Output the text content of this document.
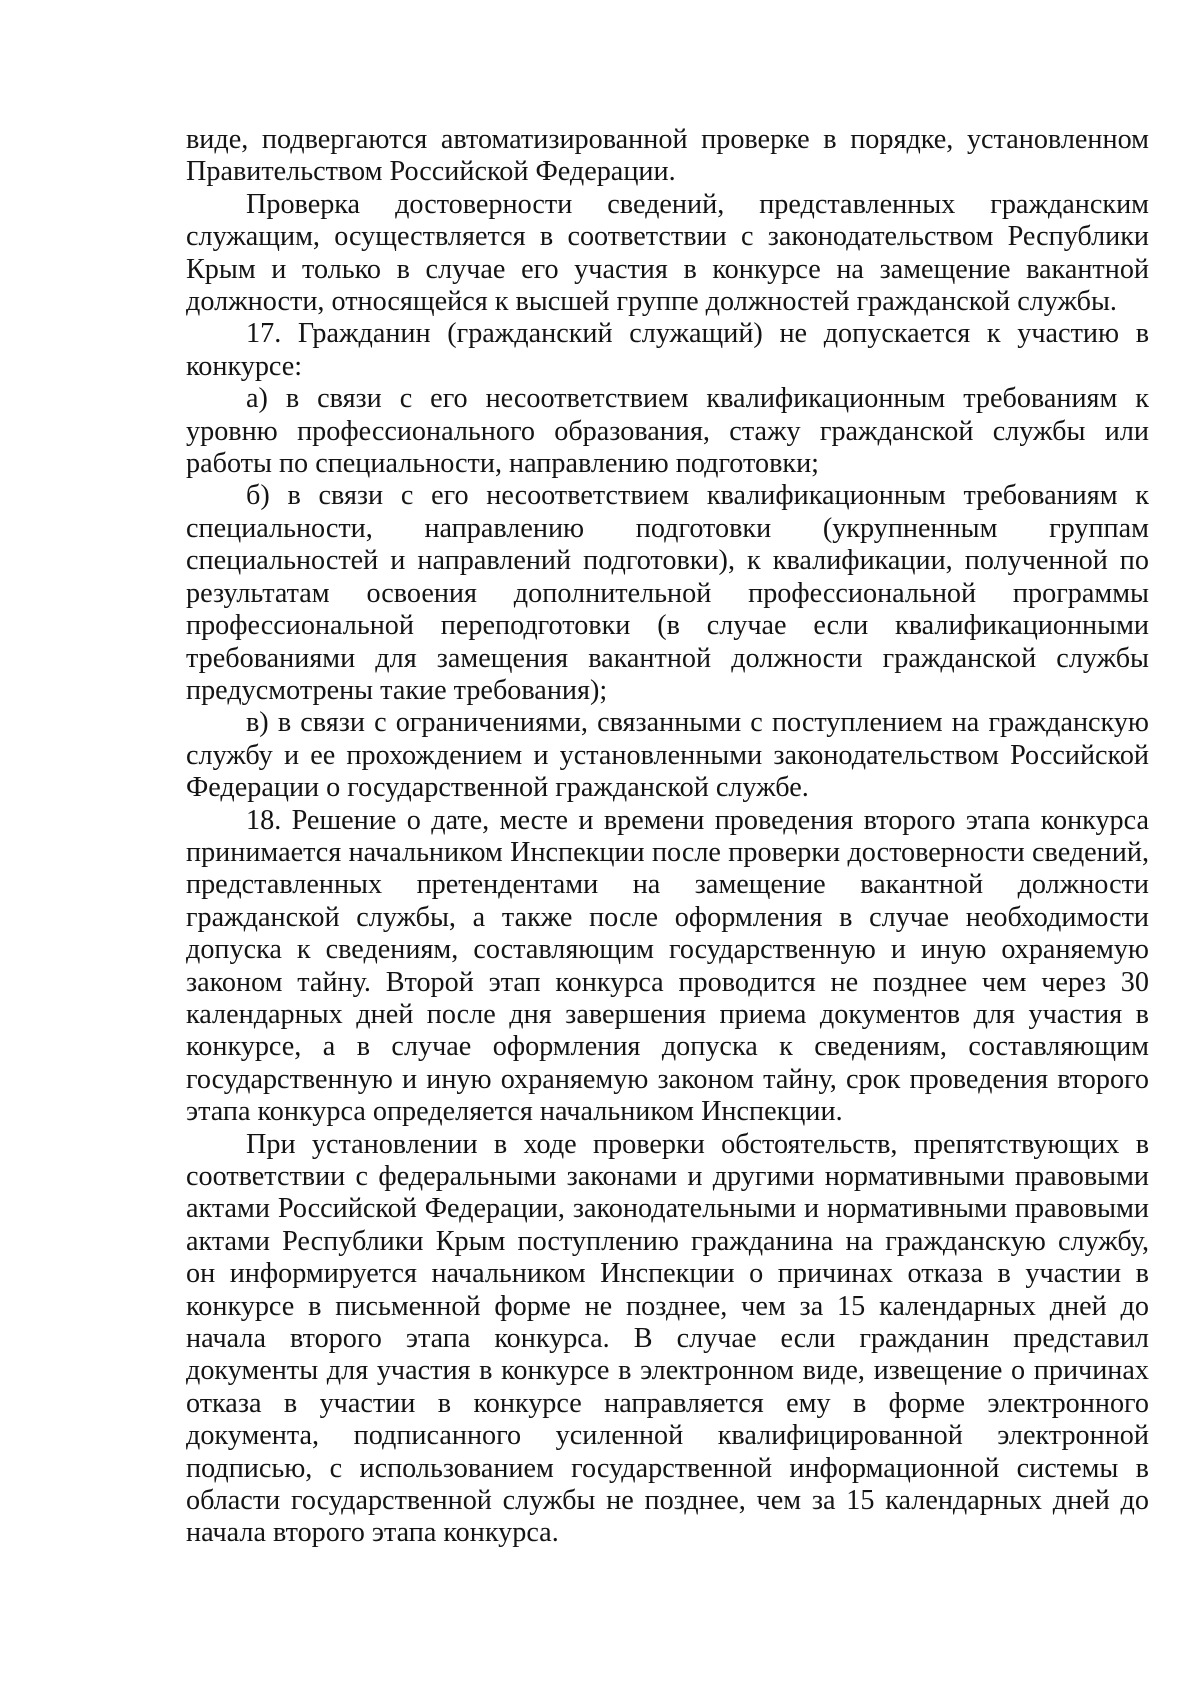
виде, подвергаются автоматизированной проверке в порядке, установленном Правительством Российской Федерации.

Проверка достоверности сведений, представленных гражданским служащим, осуществляется в соответствии с законодательством Республики Крым и только в случае его участия в конкурсе на замещение вакантной должности, относящейся к высшей группе должностей гражданской службы.

17. Гражданин (гражданский служащий) не допускается к участию в конкурсе:

а) в связи с его несоответствием квалификационным требованиям к уровню профессионального образования, стажу гражданской службы или работы по специальности, направлению подготовки;

б) в связи с его несоответствием квалификационным требованиям к специальности, направлению подготовки (укрупненным группам специальностей и направлений подготовки), к квалификации, полученной по результатам освоения дополнительной профессиональной программы профессиональной переподготовки (в случае если квалификационными требованиями для замещения вакантной должности гражданской службы предусмотрены такие требования);

в) в связи с ограничениями, связанными с поступлением на гражданскую службу и ее прохождением и установленными законодательством Российской Федерации о государственной гражданской службе.

18. Решение о дате, месте и времени проведения второго этапа конкурса принимается начальником Инспекции после проверки достоверности сведений, представленных претендентами на замещение вакантной должности гражданской службы, а также после оформления в случае необходимости допуска к сведениям, составляющим государственную и иную охраняемую законом тайну. Второй этап конкурса проводится не позднее чем через 30 календарных дней после дня завершения приема документов для участия в конкурсе, а в случае оформления допуска к сведениям, составляющим государственную и иную охраняемую законом тайну, срок проведения второго этапа конкурса определяется начальником Инспекции.

При установлении в ходе проверки обстоятельств, препятствующих в соответствии с федеральными законами и другими нормативными правовыми актами Российской Федерации, законодательными и нормативными правовыми актами Республики Крым поступлению гражданина на гражданскую службу, он информируется начальником Инспекции о причинах отказа в участии в конкурсе в письменной форме не позднее, чем за 15 календарных дней до начала второго этапа конкурса. В случае если гражданин представил документы для участия в конкурсе в электронном виде, извещение о причинах отказа в участии в конкурсе направляется ему в форме электронного документа, подписанного усиленной квалифицированной электронной подписью, с использованием государственной информационной системы в области государственной службы не позднее, чем за 15 календарных дней до начала второго этапа конкурса.
